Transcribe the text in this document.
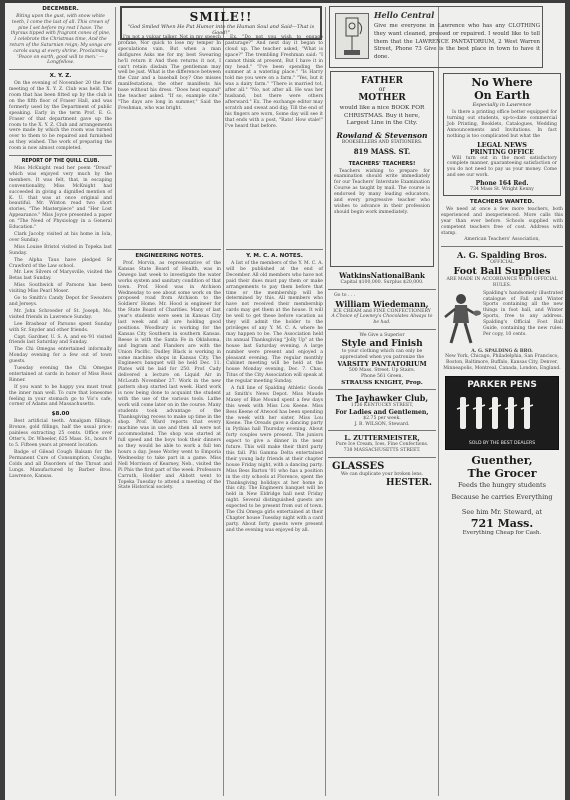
DECEMBER.

Biting upon the gust, with snow white teeth, I come the last of all. This crown of pine I set before my rest I have. The thyrsus tipped with fragrant cones of pine, I celebrate the Christmas time, And the return of the Saturnian reign; My songs are carols sung at every shrine, Proclaiming 'Peace on earth, good will to men.' —Longfellow.

X. Y. Z.

On the evening of November 20 the first meeting of the X. Y. Z. Club was held. The room that has been fitted up by the club is on the fifth floor of Fraser Hall, and was formerly used by the Department of public speaking. Early in the term Prof. E. G. Fraser of that department gave up the room to the X. Y. Z. Club and arrangements were made by which the room was turned over to them to be repaired and furnished as they wished. The work of preparing the room is now almost completed.

REPORT OF THE QUILL CLUB.

Miss McKnight read her poem "Dread" which was enjoyed very much by the members. It was felt, that, in escaping conventionality, Miss McKnight had succeeded in giving a dignified mention of K. U. that was at once original and beautiful. Mr. Winton read two short stories, "The Masterpiece" and "Her Lost Appearance." Miss Joyce presented a paper on "The Need of Physiology in a General Education."

Clark Jacoby visited at his home in Iola, over Sunday.

Miss Louise Bristol visited in Topeka last Sunday.

The Alpha Taus have pledged Sr Crawford of the Law school.

Mr. Lew Silvers of Marysville, visited the Betas last Sunday.

Miss Southwick of Parsons has been visiting Miss Pearl Moser.

Go to Smith's Candy Depot for Sweaters and Jerseys.

Mr. John Schroeder of St. Joseph, Mo. visited friends in Lawrence Sunday.

Lee Brashear of Parsons spent Sunday with Sr. Snyder and other friends.

Capt. Gardner, U. S. A. and ex-'91 visited friends last Saturday and Sunday.

The Chi Omegas entertained informally Monday evening for a few out of town guests.

Tuesday evening the Chi Omegas entertained at cards in honor of Miss Ross Rinner.

If you want to be happy you must treat the inner man well. To cure that lonesome feeling in your stomach go to Vic's cafe, corner of Adams and Massachusetts.

$8.00

Best artificial teeth. Amalgam fillings, Bronze, gold fillings, half the usual price; painless extracting 25 cents. Office over Otter's, Dr. Wheeler, 625 Mass. St., hours 9 to 5. Fifteen years at present location.

Badge of Gilead Cough Balsam for the Permanent Cure of Consumption, Coughs, Colds and all Disorders of the Throat and Lungs. Manufactured by Barber Bros. Lawrence, Kansas.

SMILE!!
"God Smiled When He Put Humor into the Human Soul and Said—That is Good!"

I'm not a vulgar talker, Not in my speech profane, Nor quick to lose my temper In speculations vain. But when a man disfigures Asks me for my best Swearing he'll return it And then returns it not, I can't retain disdain The gentleman may well be just. What is the difference between the Czar and a baseball boy? One misses manifestations, the other manifests his base without his dress. "Does heat expand" the teacher asked. "If so, example cite." "The days are long in summer," Said the Freshman, who was bright.

Ex. "Do not you wish to engage pasturage?" And next day it began to cloud up. The teacher asked, "What is space?" The trembling Freshman said: "I cannot think at present, But I have it in my head." "I've been spending the summer at a watering place." "Is Harry told me you were on a farm." "Yes, but it was a dairy farm." "There is married tot, after all." "No, not after all. He was her husband, but there were others afterward." Ex. The exchange editor may scratch and sweat and dig; Till the end of his fingers are worn, Some day will see it that ends with a post, "Rats! How stale!" I've heard that before.

ENGINEERING NOTES.

Prof. Morvin, as representative of the Kansas State Board of Health, was in Oswego last week to investigate the water works system and sanitary condition of that town. Prof. Hood was in Atchison Wednesday to see about some work on the proposed road from Atchison to the Soldiers' Home. Mr. Hood is engineer for the State Board of Charities. Many of last year's students were seen in Kansas City last week and all are holding good positions. Woodbury is working for the Kansas City Southern in southern Kansas. Reese is with the Santa Fe in Oklahoma, and Ingram and Flanders are with the Union Pacific. Dudley Black is working in some machine shops in Kansas City. The Engineers banquet will be held Dec. 11. Plates will be laid for 250. Prof. Cady delivered a lecture on Liquid Air in McLouth November 27. Work in the new pattern shop started last week. Hard work is now being done to acquaint the student with the use of the various tools. Lathe work will come later on in the course. Many students took advantage of the Thanksgiving recess to make up time in the shop. Prof. Ward reports that every machine was in use and then all were not accommodated. The shop was started at full speed and the boys took their dinners so they would be able to work a full ten hours a day. Jesse Worley went to Emporia Wednesday to take part in a game. Miss Nell Morrison of Kearney, Neb., visited the Pi Phis the first part of the week. Professors Carruth, Hodder and Abbott went to Topeka Tuesday to attend a meeting of the State Historical society.

Y. M. C. A. NOTES.

A list of the members of the Y. M. C. A. will be published at the end of December. All old members who have not paid their dues must pay them or make arrangements to pay them before that time or the membership will be determined by this. All members who have not received their membership cards may get them at the house. It will be well to get these before vacation as they will admit the holder to the privileges of any Y. M. C. A. where he may happen to be. The Association held its annual Thanksgiving "Jolly Up" at the house last Saturday evening. A large number were present and enjoyed a pleasant evening. The regular monthly Cabinet meeting will be held at the house Monday evening, Dec. 7. Chas. Titus of the City Association will speak at the regular meeting Sunday.

A full line of Spalding Athletic Goods at Smith's News Depot. Miss Maude Maxey of Blue Mound spent a few days this week with Miss Lou Keene. Miss Bess Keene of Atwood has been spending the week with her sister, Miss Lou Keene. The Oreads gave a dancing party in Pythias hall Thursday evening. About forty couples were present. The juniors expect to give a dinner in the near future. This will make their third party this fall. Phi Gamma Delta entertained their young lady friends at their chapter house Friday night, with a dancing party. Miss Bess Barton '01 who has a position in the city schools at Florence, spent the Thanksgiving holidays at her home in this city. The Engineers banquet will be held in New Eldridge hall next Friday night. Several distinguished guests are expected to be present from out of town. The Chi Omega girls entertained at their Chapter house Tuesday night with a card party. About forty guests were present and the evening was enjoyed by all.

Hello Central
Give me everyone in Lawrence who has any CLOTHING they want cleaned, pressed or repaired. I would like to tell them that the LAWRENCE PANTATORIUM, 2 West Warren Street, Phone 73 Give is the best place in town to have it done.
FATHER
or
MOTHER
would like a nice BOOK FOR CHRISTMAS. Buy it here, Largest Line in the City.
Rowland & Stevenson
BOOKSELLERS AND STATIONERS.
819 MASS. ST.
TEACHERS' TEACHERS!

Teachers wishing to prepare for examination should write immediately for our Teachers' Interstate Examination Course as taught by mail. The course is endorsed by many leading educators, and every progressive teacher who wishes to advance in their profession should begin work immediately.

WatkinsNationalBank
Capital $100,000. Surplus $20,000.
Go to . . .
William Wiedemann,
ICE CREAM and FINE CONFECTIONERY
A Choice of Lowney's Chocolates Always to be had.
We Give a Superior
Style and Finish
to your clothing which can only be appreciated when you patronize the
VARSITY PANTATORIUM
500 Mass. Street. Up Stairs.
Phone 561 Green.
STRAUSS KNIGHT, Prop.
The Jayhawker Club,
1126 KENTUCKY STREET,
For Ladies and Gentlemen,
$2.75 per week.
J. B. WILSON, Steward.
L. ZUTTERMEISTER,
Pure Ice Cream, Ices, Fine Confections.
738 MASSACHUSETTS STREET.
GLASSES
We can duplicate your broken lens.
HESTER.
No Where
On Earth
Especially in Lawrence

Is there a printing office better equipped for turning out students, up-to-date commercial Job Printing, Booklets, Catalogues, Wedding Announcements and Invitations. In fact nothing is too complicated but what the

LEGAL NEWS
PRINTING OFFICE

Will turn out in the most satisfactory complete manner, guaranteeing satisfaction or you do not need to pay us your money. Come and see our work.

Phone 164 Red.
734 Mass St. Wright Kenny
TEACHERS WANTED.

We need at once a few more teachers, both experienced and inexperienced. More calls this year than ever before. Schools supplied with competent teachers free of cost. Address with stamp.

American Teachers' Association,
A. G. Spalding Bros.
OFFICIAL
Foot Ball Supplies
ARE MADE IN ACCORDANCE WITH OFFICIAL RULES.

Spalding's handsomely illustrated catalogue of Fall and Winter Sports containing all the new things in foot ball, and Winter Sports, free to any address. Spalding's Official Foot Ball Guide, containing the new rules. Per copy, 10 cents.

A. G. SPALDING & BRO.

New York, Chicago, Philadelphia, San Francisco, Boston, Baltimore, Buffalo, Kansas City, Denver, Minneapolis, Montreal, Canada, London, England.

PARKER PENS
SOLD BY THE BEST DEALERS
Guenther,
The Grocer
Feeds the hungry students
Because he carries Everything
See him Mr. Steward, at
721 Mass.
Everything Cheap for Cash.
